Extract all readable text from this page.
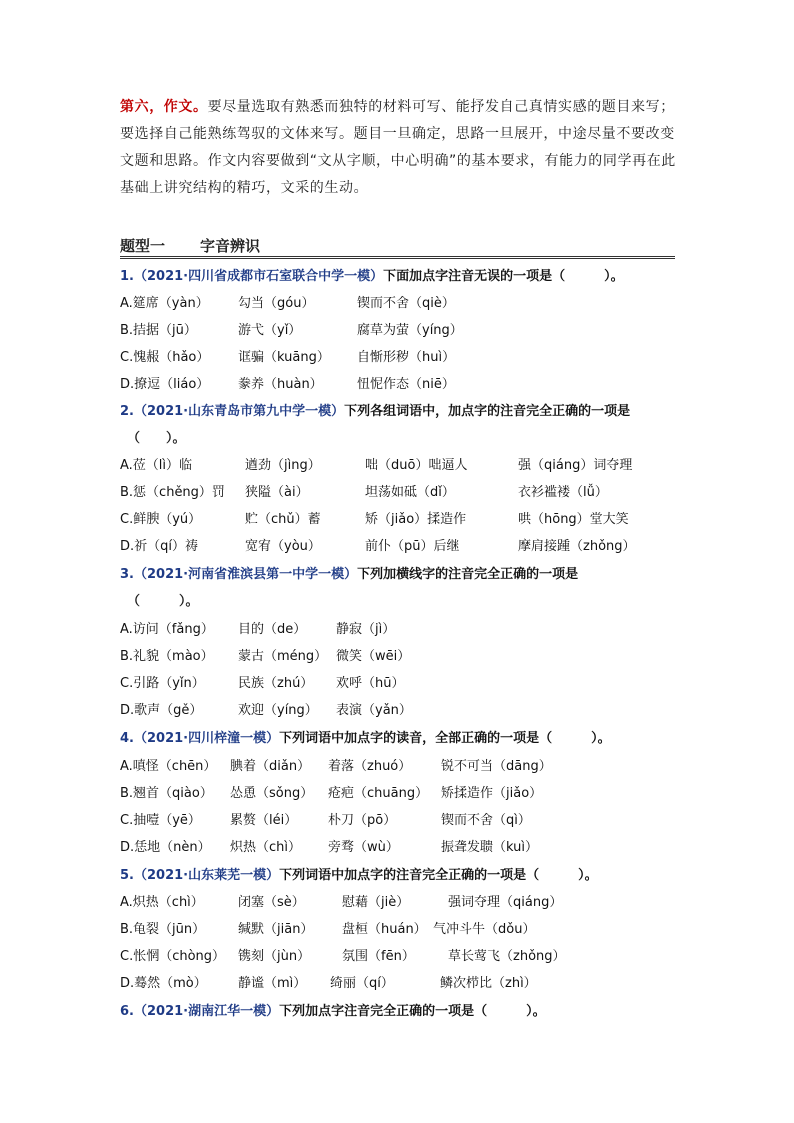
第六，作文。要尽量选取有熟悉而独特的材料可写、能抒发自己真情实感的题目来写；要选择自己能熟练驾驭的文体来写。题目一旦确定，思路一旦展开，中途尽量不要改变文题和思路。作文内容要做到“文从字顺，中心明确”的基本要求，有能力的同学再在此基础上讲究结构的精巧，文采的生动。
题型一 字音辨识
1.（2021·四川省成都市石室联合中学一模）下面加点字注音无误的一项是（　　　）。
A.筵席（yàn） 勾当（góu）	锲而不舍（qiè）
B.拮据（jū）	游弋（yǐ）	腐草为萤（yíng）
C.愧赧（hǎo） 诓骗（kuāng） 自惭形秽（huì）
D.撩逗（liáo） 豢养（huàn）	忸怩作态（niē）
2.（2021·山东青岛市第九中学一模）下列各组词语中，加点字的注音完全正确的一项是
（　　）。
A.莅（lì）临	遒劲（jìng）	咄（duō）咄逼人	强（qiáng）词夺理
B.惩（chěng）罚 狭隘（ài）	坦荡如砥（dǐ）	衣衫褴褛（lǚ）
C.鲜腴（yú）	贮（chǔ）蓄	矫（jiǎo）揉造作	哄（hōng）堂大笑
D.祈（qí）祷	宽宥（yòu）	前仆（pū）后继	摩肩接踵（zhǒng）
3.（2021·河南省淮滨县第一中学一模）下列加横线字的注音完全正确的一项是
（　　　）。
A.访问（fǎng） 目的（de） 静寂（jì）
B.礼貌（mào） 蒙古（méng） 微笑（wēi）
C.引路（yǐn）	民族（zhú） 欢呼（hū）
D.歌声（gě）	欢迎（yíng） 表演（yǎn）
4.（2021·四川梓潼一模）下列词语中加点字的读音，全部正确的一项是（　　　）。
A.嗔怪（chēn） 腆着（diǎn） 着落（zhuó） 锐不可当（dāng）
B.翘首（qiào） 怂恿（sǒng） 疮疤（chuāng） 矫揉造作（jiǎo）
C.抽噎（yē） 累赘（léi） 朴刀（pō）	锲而不舍（qì）
D.恁地（nèn） 炽热（chì） 旁骛（wù）	振聋发聩（kuì）
5.（2021·山东莱芜一模）下列词语中加点字的注音完全正确的一项是（　　　）。
A.炽热（chì）	闭塞（sè）	慰藉（jiè）	强词夺理（qiáng）
B.龟裂（jūn）	缄默（jiān） 盘桓（huán） 气冲斗牛（dǒu）
C.怅惘（chòng） 镌刻（jùn） 氛围（fēn）	草长莺飞（zhǒng）
D.蓦然（mò） 静谧（mì） 绮丽（qí）	鳞次栉比（zhì）
6.（2021·湖南江华一模）下列加点字注音完全正确的一项是（　　　）。
